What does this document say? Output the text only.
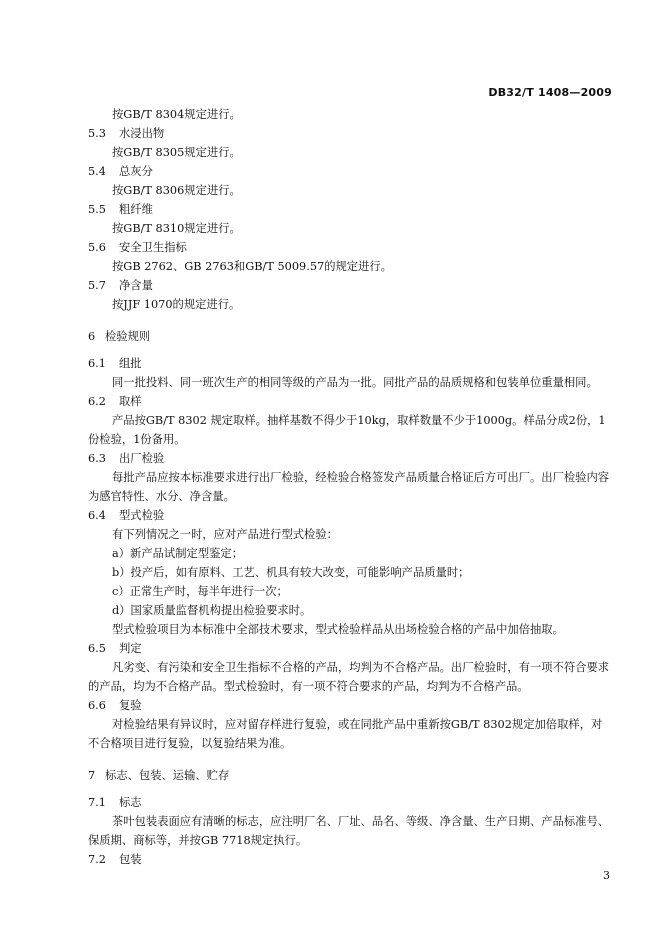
DB32/T 1408—2009
按GB/T 8304规定进行。
5.3 水浸出物
按GB/T 8305规定进行。
5.4 总灰分
按GB/T 8306规定进行。
5.5 粗纤维
按GB/T 8310规定进行。
5.6 安全卫生指标
按GB 2762、GB 2763和GB/T 5009.57的规定进行。
5.7 净含量
按JJF 1070的规定进行。
6 检验规则
6.1 组批
同一批投料、同一班次生产的相同等级的产品为一批。同批产品的品质规格和包装单位重量相同。
6.2 取样
产品按GB/T 8302 规定取样。抽样基数不得少于10kg，取样数量不少于1000g。样品分成2份，1份检验，1份备用。
6.3 出厂检验
每批产品应按本标准要求进行出厂检验，经检验合格签发产品质量合格证后方可出厂。出厂检验内容为感官特性、水分、净含量。
6.4 型式检验
有下列情况之一时，应对产品进行型式检验：
a）新产品试制定型鉴定；
b）投产后，如有原料、工艺、机具有较大改变，可能影响产品质量时；
c）正常生产时，每半年进行一次；
d）国家质量监督机构提出检验要求时。
型式检验项目为本标准中全部技术要求，型式检验样品从出场检验合格的产品中加倍抽取。
6.5 判定
凡劣变、有污染和安全卫生指标不合格的产品，均判为不合格产品。出厂检验时，有一项不符合要求的产品，均为不合格产品。型式检验时，有一项不符合要求的产品，均判为不合格产品。
6.6 复验
对检验结果有异议时，应对留存样进行复验，或在同批产品中重新按GB/T 8302规定加倍取样，对不合格项目进行复验，以复验结果为准。
7 标志、包装、运输、贮存
7.1 标志
茶叶包装表面应有清晰的标志，应注明厂名、厂址、品名、等级、净含量、生产日期、产品标准号、保质期、商标等，并按GB 7718规定执行。
7.2 包装
3
